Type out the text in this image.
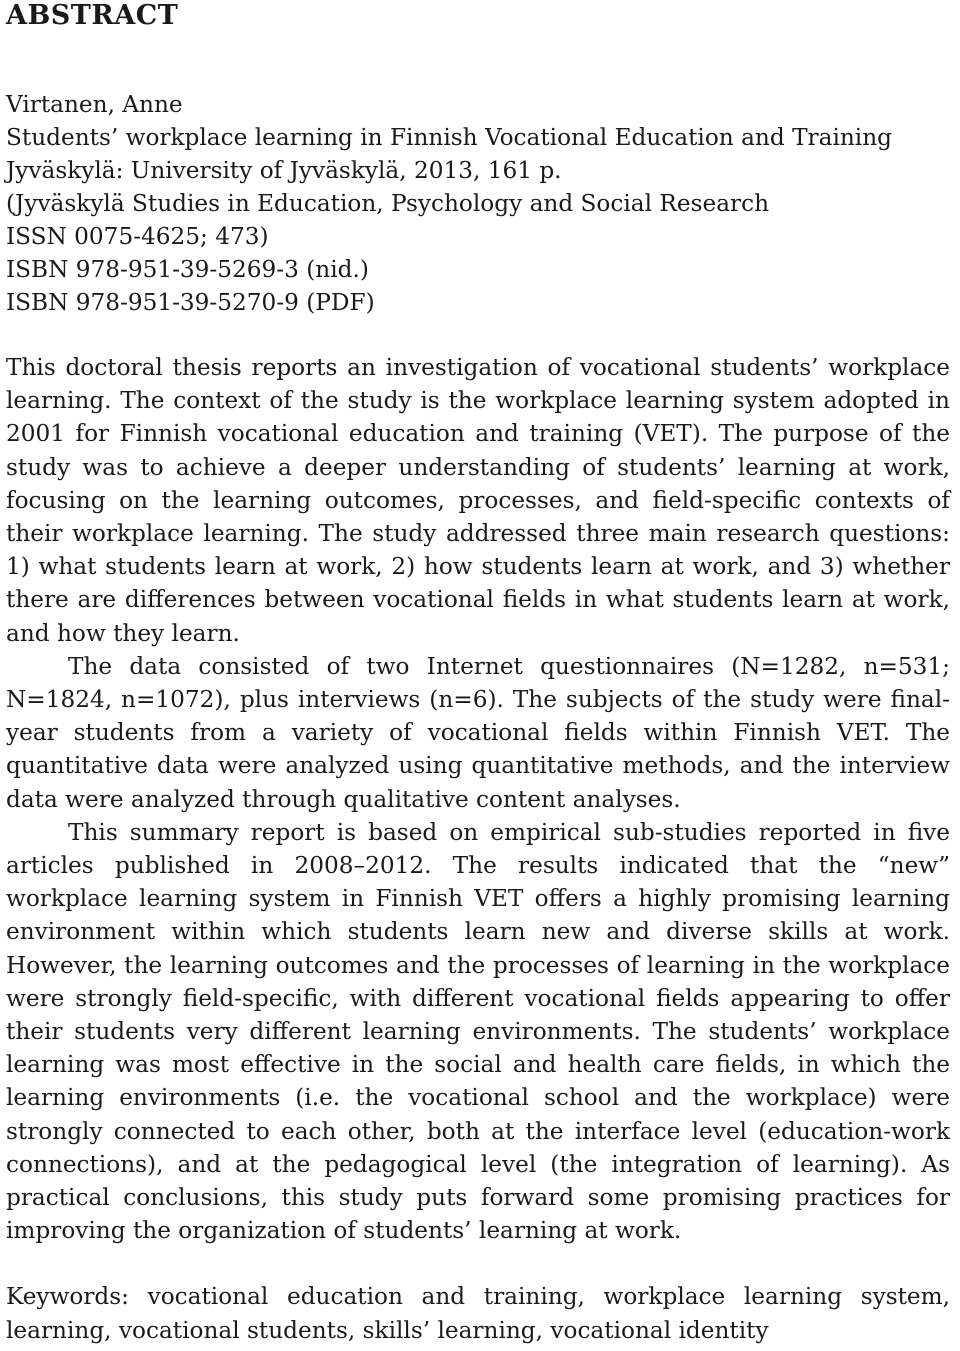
ABSTRACT
Virtanen, Anne
Students’ workplace learning in Finnish Vocational Education and Training
Jyväskylä: University of Jyväskylä, 2013, 161 p.
(Jyväskylä Studies in Education, Psychology and Social Research
ISSN 0075-4625; 473)
ISBN 978-951-39-5269-3 (nid.)
ISBN 978-951-39-5270-9 (PDF)

This doctoral thesis reports an investigation of vocational students’ workplace learning. The context of the study is the workplace learning system adopted in 2001 for Finnish vocational education and training (VET). The purpose of the study was to achieve a deeper understanding of students’ learning at work, focusing on the learning outcomes, processes, and field-specific contexts of their workplace learning. The study addressed three main research questions: 1) what students learn at work, 2) how students learn at work, and 3) whether there are differences between vocational fields in what students learn at work, and how they learn.

The data consisted of two Internet questionnaires (N=1282, n=531; N=1824, n=1072), plus interviews (n=6). The subjects of the study were final-year students from a variety of vocational fields within Finnish VET. The quantitative data were analyzed using quantitative methods, and the interview data were analyzed through qualitative content analyses.

This summary report is based on empirical sub-studies reported in five articles published in 2008–2012. The results indicated that the “new” workplace learning system in Finnish VET offers a highly promising learning environment within which students learn new and diverse skills at work. However, the learning outcomes and the processes of learning in the workplace were strongly field-specific, with different vocational fields appearing to offer their students very different learning environments. The students’ workplace learning was most effective in the social and health care fields, in which the learning environments (i.e. the vocational school and the workplace) were strongly connected to each other, both at the interface level (education-work connections), and at the pedagogical level (the integration of learning). As practical conclusions, this study puts forward some promising practices for improving the organization of students’ learning at work.

Keywords: vocational education and training, workplace learning system, learning, vocational students, skills’ learning, vocational identity
